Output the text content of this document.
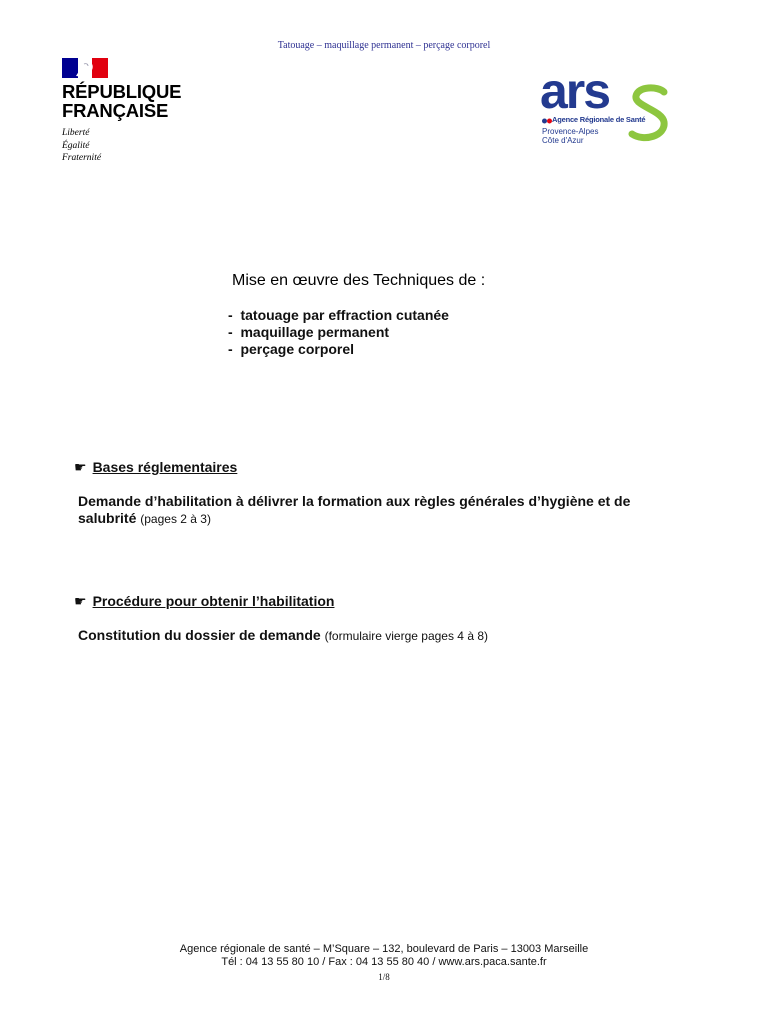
Tatouage – maquillage permanent – perçage corporel
RÉPUBLIQUE
FRANÇAISE
Liberté
Égalité
Fraternité
ars
Agence Régionale de Santé
Provence-Alpes
Côte d'Azur
Mise en œuvre des Techniques de :
- tatouage par effraction cutanée
- maquillage permanent
- perçage corporel
☛ Bases réglementaires
Demande d’habilitation à délivrer la formation aux règles générales d’hygiène et de
salubrité (pages 2 à 3)
☛ Procédure pour obtenir l’habilitation
Constitution du dossier de demande (formulaire vierge pages 4 à 8)
Agence régionale de santé – M’Square – 132, boulevard de Paris – 13003 Marseille
Tél : 04 13 55 80 10 / Fax : 04 13 55 80 40 / www.ars.paca.sante.fr
1/8
